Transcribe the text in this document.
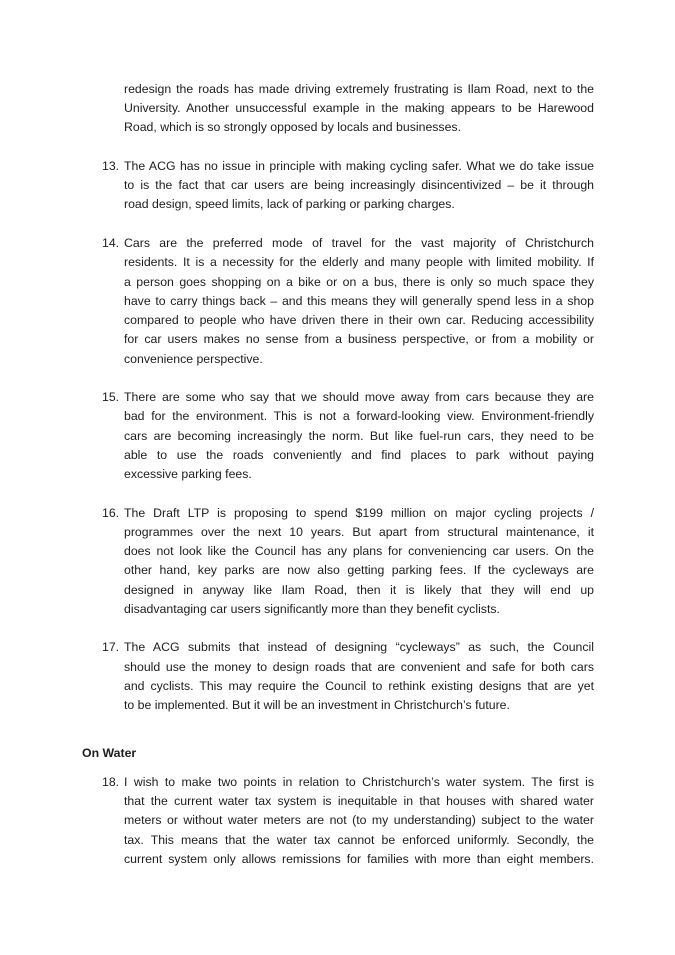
redesign the roads has made driving extremely frustrating is Ilam Road, next to the
University. Another unsuccessful example in the making appears to be Harewood
Road, which is so strongly opposed by locals and businesses.
13. The ACG has no issue in principle with making cycling safer. What we do take issue
to is the fact that car users are being increasingly disincentivized – be it through
road design, speed limits, lack of parking or parking charges.
14. Cars are the preferred mode of travel for the vast majority of Christchurch
residents. It is a necessity for the elderly and many people with limited mobility. If
a person goes shopping on a bike or on a bus, there is only so much space they
have to carry things back – and this means they will generally spend less in a shop
compared to people who have driven there in their own car. Reducing accessibility
for car users makes no sense from a business perspective, or from a mobility or
convenience perspective.
15. There are some who say that we should move away from cars because they are
bad for the environment. This is not a forward-looking view. Environment-friendly
cars are becoming increasingly the norm. But like fuel-run cars, they need to be
able to use the roads conveniently and find places to park without paying
excessive parking fees.
16. The Draft LTP is proposing to spend $199 million on major cycling projects /
programmes over the next 10 years. But apart from structural maintenance, it
does not look like the Council has any plans for conveniencing car users. On the
other hand, key parks are now also getting parking fees. If the cycleways are
designed in anyway like Ilam Road, then it is likely that they will end up
disadvantaging car users significantly more than they benefit cyclists.
17. The ACG submits that instead of designing “cycleways” as such, the Council
should use the money to design roads that are convenient and safe for both cars
and cyclists. This may require the Council to rethink existing designs that are yet
to be implemented. But it will be an investment in Christchurch’s future.
On Water
18. I wish to make two points in relation to Christchurch’s water system. The first is
that the current water tax system is inequitable in that houses with shared water
meters or without water meters are not (to my understanding) subject to the water
tax. This means that the water tax cannot be enforced uniformly. Secondly, the
current system only allows remissions for families with more than eight members.
